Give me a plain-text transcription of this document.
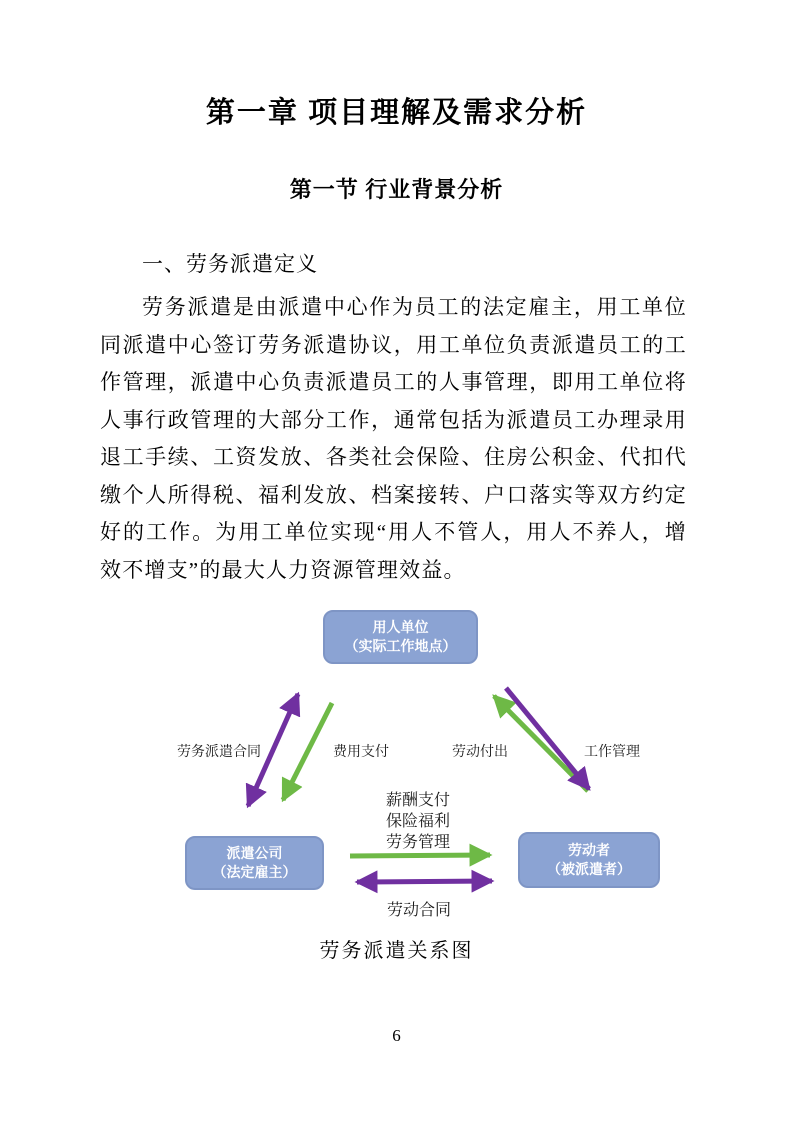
第一章 项目理解及需求分析
第一节 行业背景分析
一、劳务派遣定义

劳务派遣是由派遣中心作为员工的法定雇主，用工单位同派遣中心签订劳务派遣协议，用工单位负责派遣员工的工作管理，派遣中心负责派遣员工的人事管理，即用工单位将人事行政管理的大部分工作，通常包括为派遣员工办理录用退工手续、工资发放、各类社会保险、住房公积金、代扣代缴个人所得税、福利发放、档案接转、户口落实等双方约定好的工作。为用工单位实现“用人不管人，用人不养人，增效不增支”的最大人力资源管理效益。

用人单位
（实际工作地点）
派遣公司
（法定雇主）
劳动者
（被派遣者）
劳务派遣合同	费用支付	劳动付出	工作管理
薪酬支付
保险福利
劳务管理
劳动合同
劳务派遣关系图
6
